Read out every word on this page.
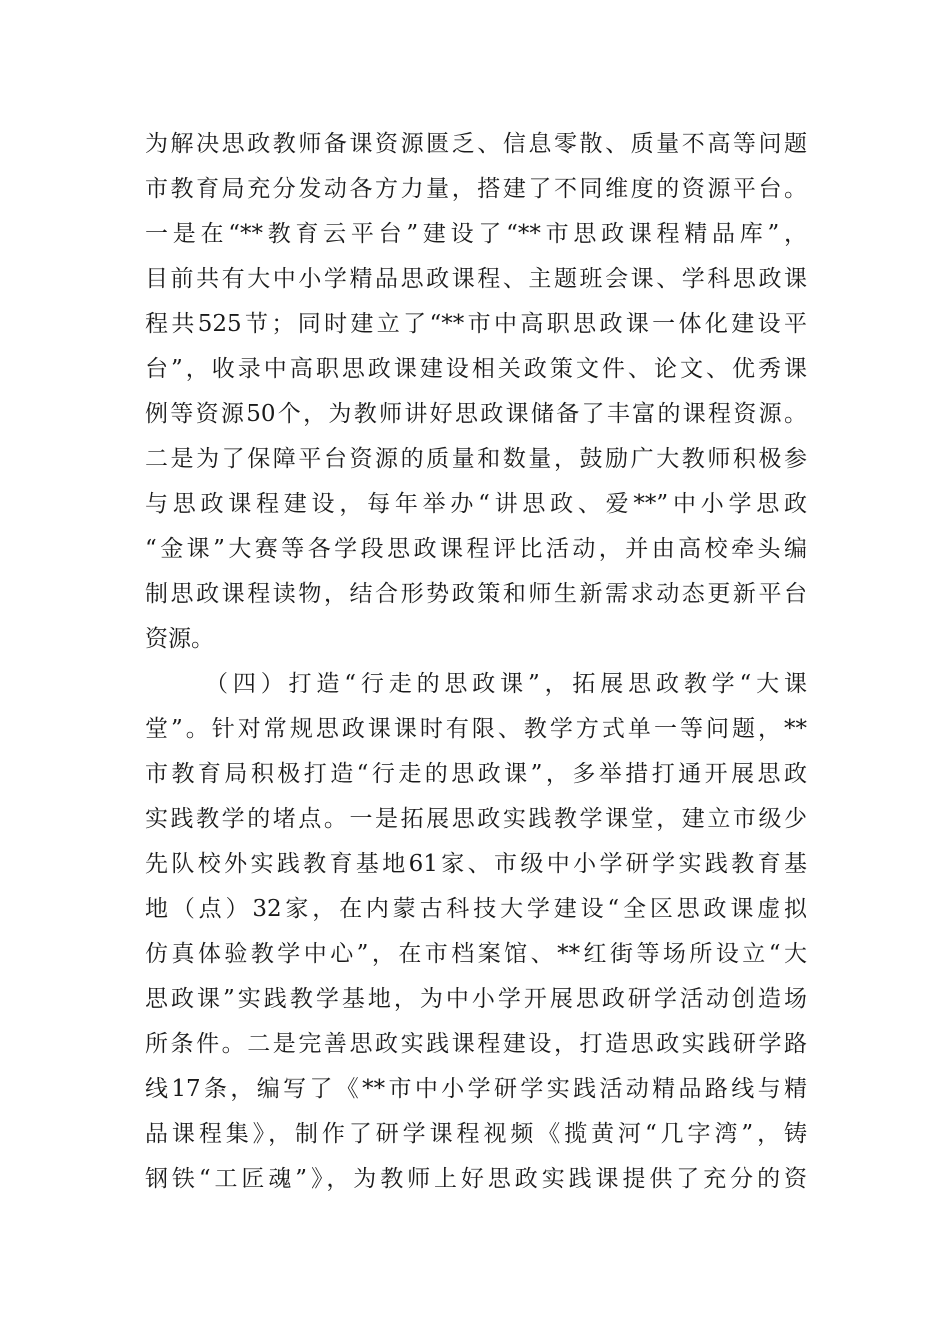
为解决思政教师备课资源匮乏、信息零散、质量不高等问题
市教育局充分发动各方力量，搭建了不同维度的资源平台。
一是在“**教育云平台”建设了“**市思政课程精品库”，
目前共有大中小学精品思政课程、主题班会课、学科思政课
程共525节；同时建立了“**市中高职思政课一体化建设平
台”，收录中高职思政课建设相关政策文件、论文、优秀课
例等资源50个，为教师讲好思政课储备了丰富的课程资源。
二是为了保障平台资源的质量和数量，鼓励广大教师积极参
与思政课程建设，每年举办“讲思政、爱**”中小学思政
“金课”大赛等各学段思政课程评比活动，并由高校牵头编
制思政课程读物，结合形势政策和师生新需求动态更新平台
资源。
（四）打造“行走的思政课”，拓展思政教学“大课
堂”。针对常规思政课课时有限、教学方式单一等问题，**
市教育局积极打造“行走的思政课”，多举措打通开展思政
实践教学的堵点。一是拓展思政实践教学课堂，建立市级少
先队校外实践教育基地61家、市级中小学研学实践教育基
地（点）32家，在内蒙古科技大学建设“全区思政课虚拟
仿真体验教学中心”，在市档案馆、**红街等场所设立“大
思政课”实践教学基地，为中小学开展思政研学活动创造场
所条件。二是完善思政实践课程建设，打造思政实践研学路
线17条，编写了《**市中小学研学实践活动精品路线与精
品课程集》，制作了研学课程视频《揽黄河“几字湾”，铸
钢铁“工匠魂”》，为教师上好思政实践课提供了充分的资
